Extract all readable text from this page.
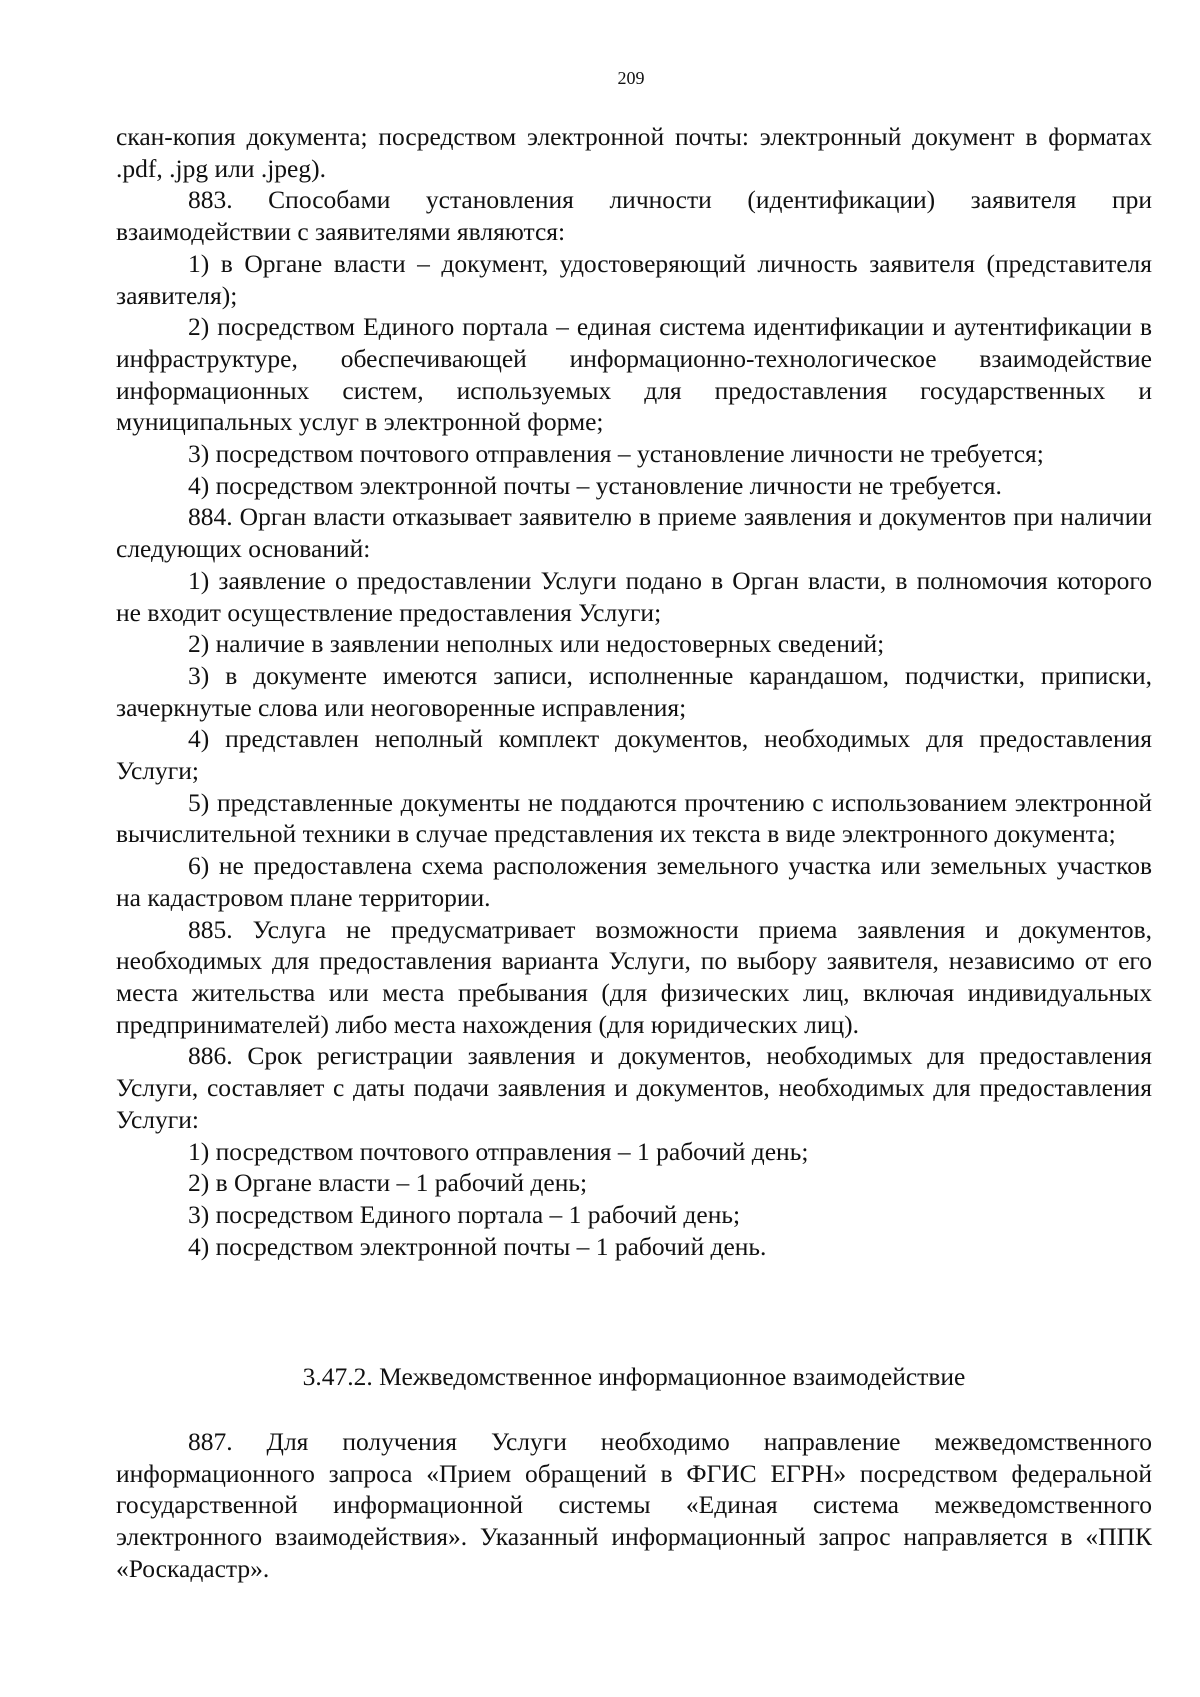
209

скан-копия документа; посредством электронной почты: электронный документ в форматах .pdf, .jpg или .jpeg).

883. Способами установления личности (идентификации) заявителя при взаимодействии с заявителями являются:

1) в Органе власти – документ, удостоверяющий личность заявителя (представителя заявителя);

2) посредством Единого портала – единая система идентификации и аутентификации в инфраструктуре, обеспечивающей информационно-технологическое взаимодействие информационных систем, используемых для предоставления государственных и муниципальных услуг в электронной форме;

3) посредством почтового отправления – установление личности не требуется;

4) посредством электронной почты – установление личности не требуется.

884. Орган власти отказывает заявителю в приеме заявления и документов при наличии следующих оснований:

1) заявление о предоставлении Услуги подано в Орган власти, в полномочия которого не входит осуществление предоставления Услуги;

2) наличие в заявлении неполных или недостоверных сведений;

3) в документе имеются записи, исполненные карандашом, подчистки, приписки, зачеркнутые слова или неоговоренные исправления;

4) представлен неполный комплект документов, необходимых для предоставления Услуги;

5) представленные документы не поддаются прочтению с использованием электронной вычислительной техники в случае представления их текста в виде электронного документа;

6) не предоставлена схема расположения земельного участка или земельных участков на кадастровом плане территории.

885. Услуга не предусматривает возможности приема заявления и документов, необходимых для предоставления варианта Услуги, по выбору заявителя, независимо от его места жительства или места пребывания (для физических лиц, включая индивидуальных предпринимателей) либо места нахождения (для юридических лиц).

886. Срок регистрации заявления и документов, необходимых для предоставления Услуги, составляет с даты подачи заявления и документов, необходимых для предоставления Услуги:

1) посредством почтового отправления – 1 рабочий день;

2) в Органе власти – 1 рабочий день;

3) посредством Единого портала – 1 рабочий день;

4) посредством электронной почты – 1 рабочий день.

3.47.2. Межведомственное информационное взаимодействие

887. Для получения Услуги необходимо направление межведомственного информационного запроса «Прием обращений в ФГИС ЕГРН» посредством федеральной государственной информационной системы «Единая система межведомственного электронного взаимодействия». Указанный информационный запрос направляется в «ППК «Роскадастр».
